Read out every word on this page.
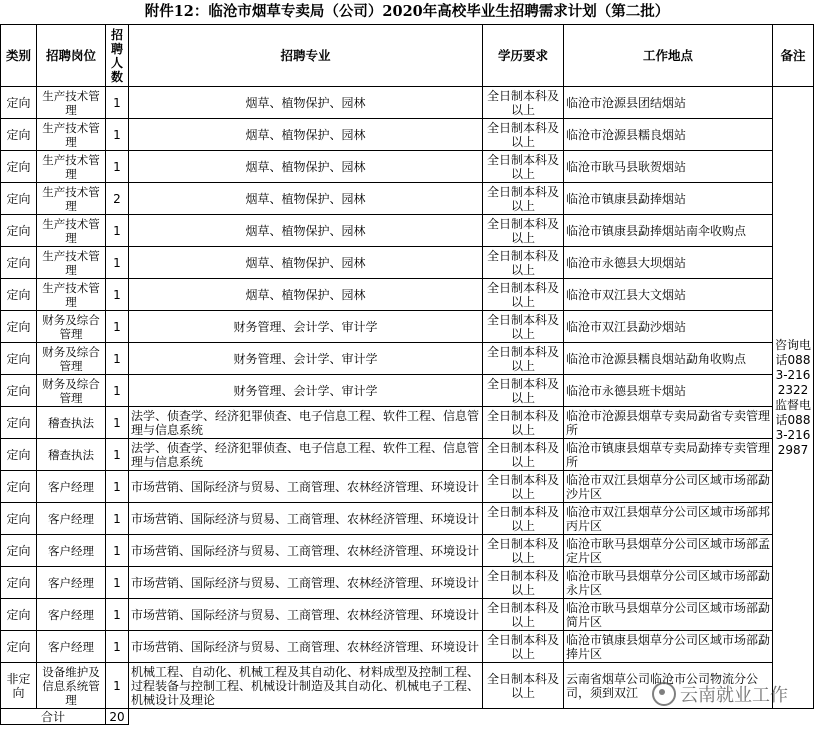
附件12：临沧市烟草专卖局（公司）2020年高校毕业生招聘需求计划（第二批）
类别	招聘岗位	招聘人数	招聘专业	学历要求	工作地点	备注
定向	生产技术管理	1	烟草、植物保护、园林	全日制本科及以上	临沧市沧源县团结烟站	咨询电话0883-2162322 监督电话0883-2162987
定向	生产技术管理	1	烟草、植物保护、园林	全日制本科及以上	临沧市沧源县糯良烟站	
定向	生产技术管理	1	烟草、植物保护、园林	全日制本科及以上	临沧市耿马县耿贺烟站	
定向	生产技术管理	2	烟草、植物保护、园林	全日制本科及以上	临沧市镇康县勐捧烟站	
定向	生产技术管理	1	烟草、植物保护、园林	全日制本科及以上	临沧市镇康县勐捧烟站南伞收购点	
定向	生产技术管理	1	烟草、植物保护、园林	全日制本科及以上	临沧市永德县大坝烟站	
定向	生产技术管理	1	烟草、植物保护、园林	全日制本科及以上	临沧市双江县大文烟站	
定向	财务及综合管理	1	财务管理、会计学、审计学	全日制本科及以上	临沧市双江县勐沙烟站	
定向	财务及综合管理	1	财务管理、会计学、审计学	全日制本科及以上	临沧市沧源县糯良烟站勐角收购点	
定向	财务及综合管理	1	财务管理、会计学、审计学	全日制本科及以上	临沧市永德县班卡烟站	
定向	稽查执法	1	法学、侦查学、经济犯罪侦查、电子信息工程、软件工程、信息管理与信息系统	全日制本科及以上	临沧市沧源县烟草专卖局勐省专卖管理所	
定向	稽查执法	1	法学、侦查学、经济犯罪侦查、电子信息工程、软件工程、信息管理与信息系统	全日制本科及以上	临沧市镇康县烟草专卖局勐捧专卖管理所	
定向	客户经理	1	市场营销、国际经济与贸易、工商管理、农林经济管理、环境设计	全日制本科及以上	临沧市双江县烟草分公司区域市场部勐沙片区	
定向	客户经理	1	市场营销、国际经济与贸易、工商管理、农林经济管理、环境设计	全日制本科及以上	临沧市双江县烟草分公司区域市场部邦丙片区	
定向	客户经理	1	市场营销、国际经济与贸易、工商管理、农林经济管理、环境设计	全日制本科及以上	临沧市耿马县烟草分公司区域市场部孟定片区	
定向	客户经理	1	市场营销、国际经济与贸易、工商管理、农林经济管理、环境设计	全日制本科及以上	临沧市耿马县烟草分公司区域市场部勐永片区	
定向	客户经理	1	市场营销、国际经济与贸易、工商管理、农林经济管理、环境设计	全日制本科及以上	临沧市耿马县烟草分公司区域市场部勐简片区	
定向	客户经理	1	市场营销、国际经济与贸易、工商管理、农林经济管理、环境设计	全日制本科及以上	临沧市镇康县烟草分公司区域市场部勐捧片区	
非定向	设备维护及信息系统管理	1	机械工程、自动化、机械工程及其自动化、材料成型及控制工程、过程装备与控制工程、机械设计制造及其自动化、机械电子工程、机械设计及理论	全日制本科及以上	云南省烟草公司临沧市公司物流分公司，须到双江	
合计		20				
云南就业工作
